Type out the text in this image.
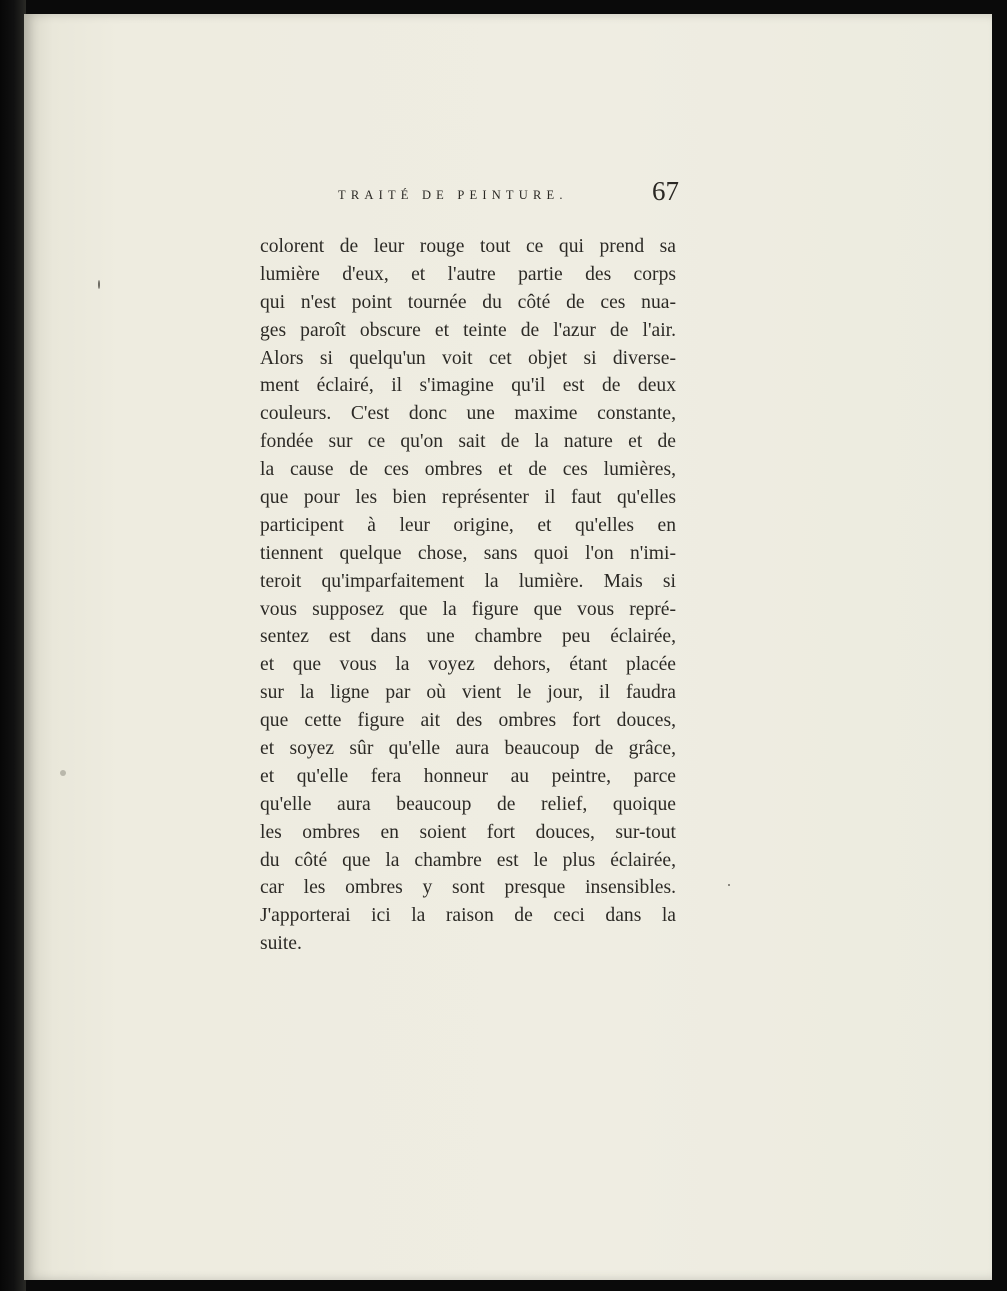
TRAITÉ DE PEINTURE.	67
colorent de leur rouge tout ce qui prend sa
lumière d'eux, et l'autre partie des corps
qui n'est point tournée du côté de ces nua-
ges paroît obscure et teinte de l'azur de l'air.
Alors si quelqu'un voit cet objet si diverse-
ment éclairé, il s'imagine qu'il est de deux
couleurs. C'est donc une maxime constante,
fondée sur ce qu'on sait de la nature et de
la cause de ces ombres et de ces lumières,
que pour les bien représenter il faut qu'elles
participent à leur origine, et qu'elles en
tiennent quelque chose, sans quoi l'on n'imi-
teroit qu'imparfaitement la lumière. Mais si
vous supposez que la figure que vous repré-
sentez est dans une chambre peu éclairée,
et que vous la voyez dehors, étant placée
sur la ligne par où vient le jour, il faudra
que cette figure ait des ombres fort douces,
et soyez sûr qu'elle aura beaucoup de grâce,
et qu'elle fera honneur au peintre, parce
qu'elle aura beaucoup de relief, quoique
les ombres en soient fort douces, sur-tout
du côté que la chambre est le plus éclairée,
car les ombres y sont presque insensibles.
J'apporterai ici la raison de ceci dans la
suite.
